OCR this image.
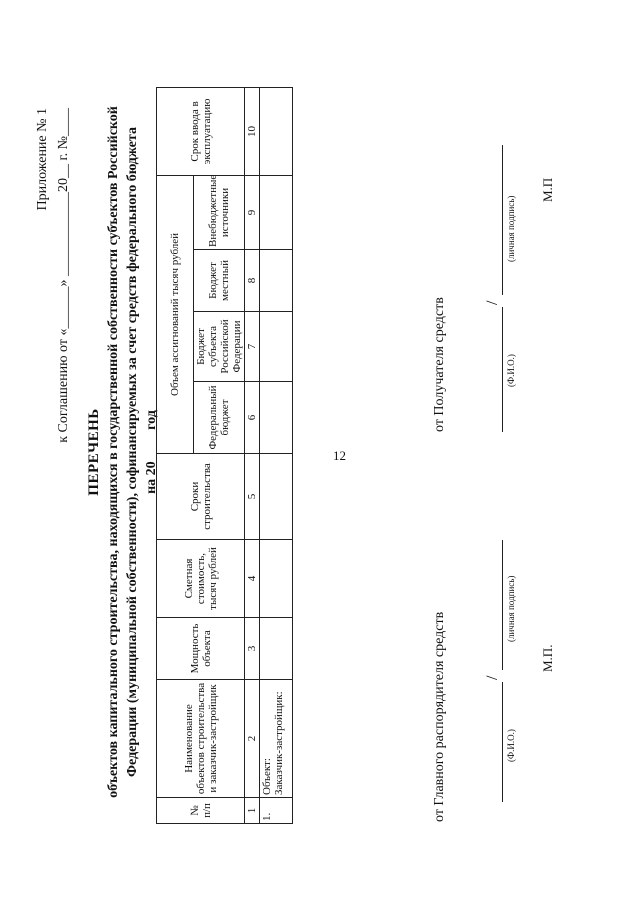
12
Приложение № 1 к Соглашению от «______» ____________20__ г. №____
ПЕРЕЧЕНЬ объектов капитального строительства, находящихся в государственной собственности субъектов Российской Федерации (муниципальной собственности), софинансируемых за счет средств федерального бюджета на 20____ год
№ п/п	Наименование объектов строительства и заказчик-застройщик	Мощность объекта	Сметная стоимость, тысяч рублей	Сроки строительства	Объем ассигнований тысяч рублей				Срок ввода в эксплуатацию
					Федеральный бюджет	Бюджет субъекта Российской Федерации	Бюджет местный	Внебюджетные источники	
1	2	3	4	5	6	7	8	9	10
1.	Объект: Заказчик-застройщик:								
									от Главного распорядителя средств /
(Ф.И.О.)
(личная подпись)
М.П.
от Получателя средств /
(Ф.И.О.)
(личная подпись)
М.П
